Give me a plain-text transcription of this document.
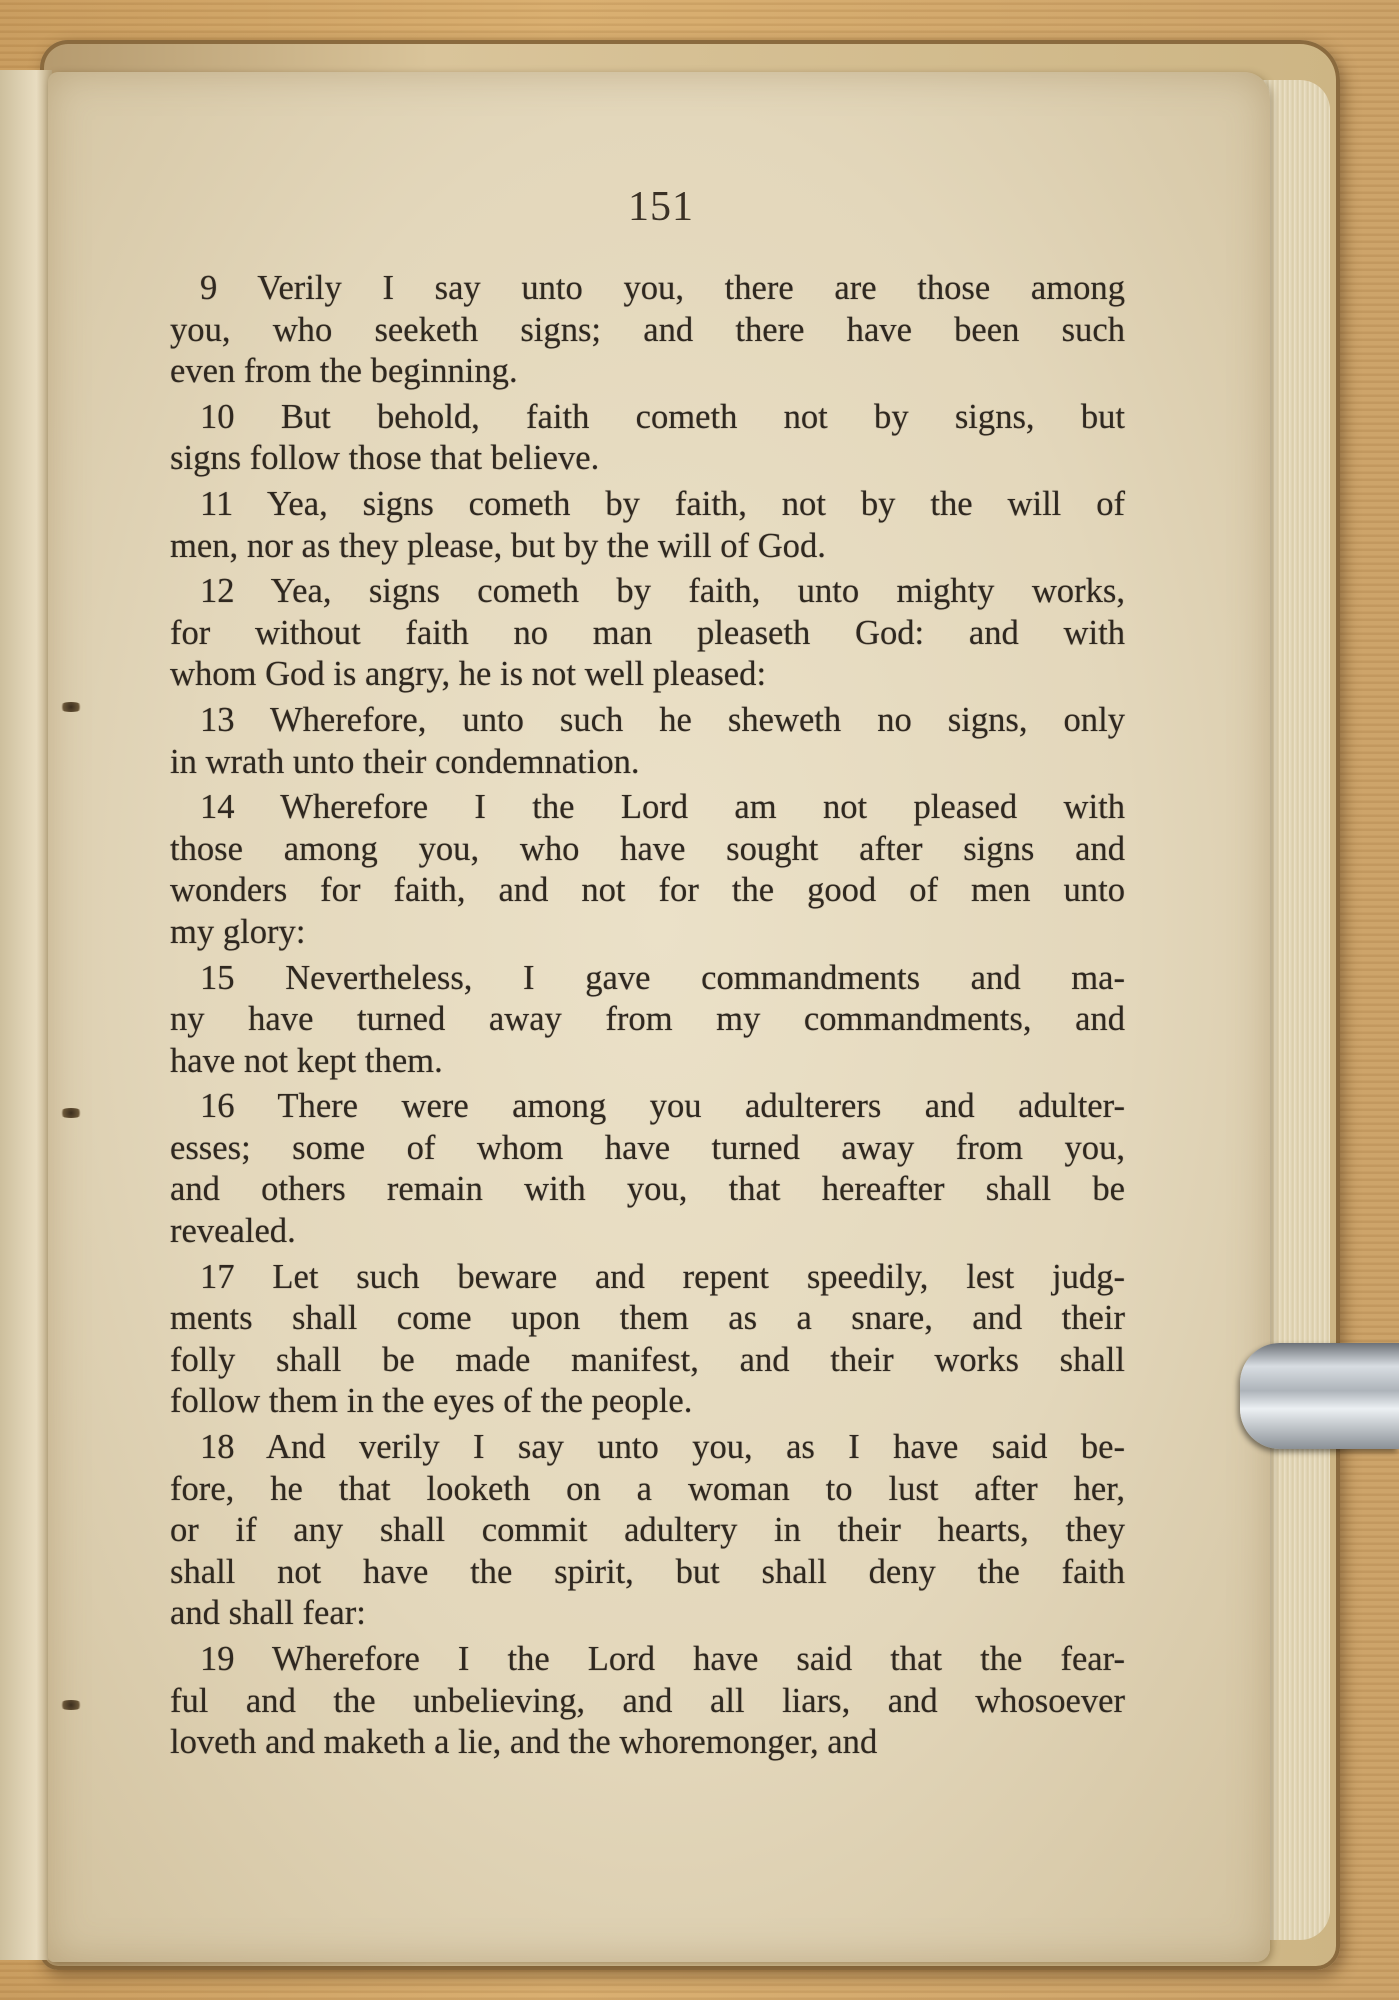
151
9 Verily I say unto you, there are those among
you, who seeketh signs; and there have been such
even from the beginning.
10 But behold, faith cometh not by signs, but
signs follow those that believe.
11 Yea, signs cometh by faith, not by the will of
men, nor as they please, but by the will of God.
12 Yea, signs cometh by faith, unto mighty works,
for without faith no man pleaseth God: and with
whom God is angry, he is not well pleased:
13 Wherefore, unto such he sheweth no signs, only
in wrath unto their condemnation.
14 Wherefore I the Lord am not pleased with
those among you, who have sought after signs and
wonders for faith, and not for the good of men unto
my glory:
15 Nevertheless, I gave commandments and ma-
ny have turned away from my commandments, and
have not kept them.
16 There were among you adulterers and adulter-
esses; some of whom have turned away from you,
and others remain with you, that hereafter shall be
revealed.
17 Let such beware and repent speedily, lest judg-
ments shall come upon them as a snare, and their
folly shall be made manifest, and their works shall
follow them in the eyes of the people.
18 And verily I say unto you, as I have said be-
fore, he that looketh on a woman to lust after her,
or if any shall commit adultery in their hearts, they
shall not have the spirit, but shall deny the faith
and shall fear:
19 Wherefore I the Lord have said that the fear-
ful and the unbelieving, and all liars, and whosoever
loveth and maketh a lie, and the whoremonger, and
